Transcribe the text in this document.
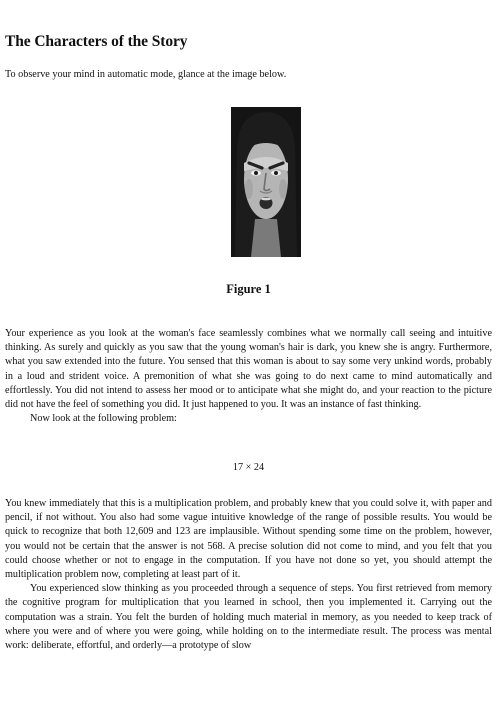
The Characters of the Story

To observe your mind in automatic mode, glance at the image below.

Figure 1

Your experience as you look at the woman's face seamlessly combines what we normally call seeing and intuitive thinking. As surely and quickly as you saw that the young woman's hair is dark, you knew she is angry. Furthermore, what you saw extended into the future. You sensed that this woman is about to say some very unkind words, probably in a loud and strident voice. A premonition of what she was going to do next came to mind automatically and effortlessly. You did not intend to assess her mood or to anticipate what she might do, and your reaction to the picture did not have the feel of something you did. It just happened to you. It was an instance of fast thinking.

Now look at the following problem:

17 × 24

You knew immediately that this is a multiplication problem, and probably knew that you could solve it, with paper and pencil, if not without. You also had some vague intuitive knowledge of the range of possible results. You would be quick to recognize that both 12,609 and 123 are implausible. Without spending some time on the problem, however, you would not be certain that the answer is not 568. A precise solution did not come to mind, and you felt that you could choose whether or not to engage in the computation. If you have not done so yet, you should attempt the multiplication problem now, completing at least part of it.

You experienced slow thinking as you proceeded through a sequence of steps. You first retrieved from memory the cognitive program for multiplication that you learned in school, then you implemented it. Carrying out the computation was a strain. You felt the burden of holding much material in memory, as you needed to keep track of where you were and of where you were going, while holding on to the intermediate result. The process was mental work: deliberate, effortful, and orderly—a prototype of slow
